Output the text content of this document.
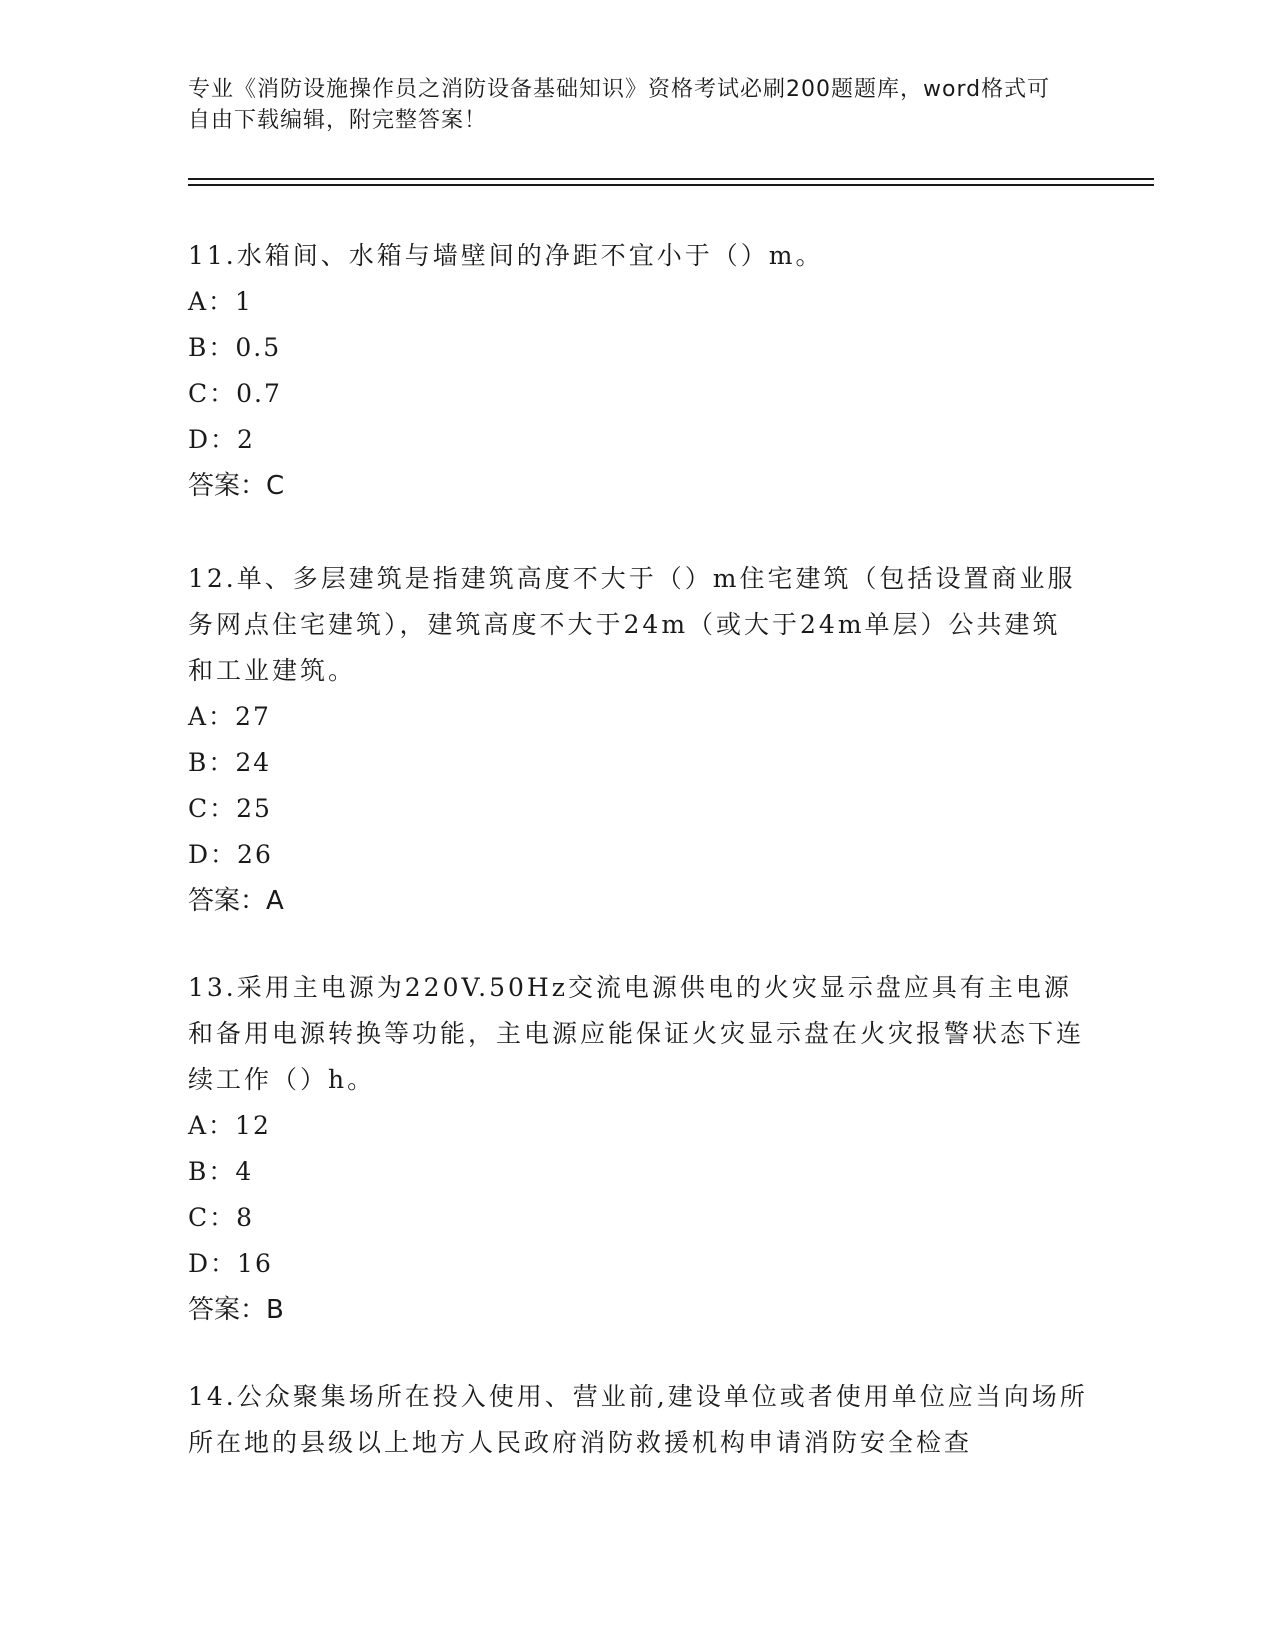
专业《消防设施操作员之消防设备基础知识》资格考试必刷200题题库，word格式可自由下载编辑，附完整答案！

11.水箱间、水箱与墙壁间的净距不宜小于（）m。

A：1

B：0.5

C：0.7

D：2

答案：C

12.单、多层建筑是指建筑高度不大于（）m住宅建筑（包括设置商业服务网点住宅建筑），建筑高度不大于24m（或大于24m单层）公共建筑和工业建筑。

A：27

B：24

C：25

D：26

答案：A

13.采用主电源为220V.50Hz交流电源供电的火灾显示盘应具有主电源和备用电源转换等功能，主电源应能保证火灾显示盘在火灾报警状态下连续工作（）h。

A：12

B：4

C：8

D：16

答案：B

14.公众聚集场所在投入使用、营业前,建设单位或者使用单位应当向场所所在地的县级以上地方人民政府消防救援机构申请消防安全检查
